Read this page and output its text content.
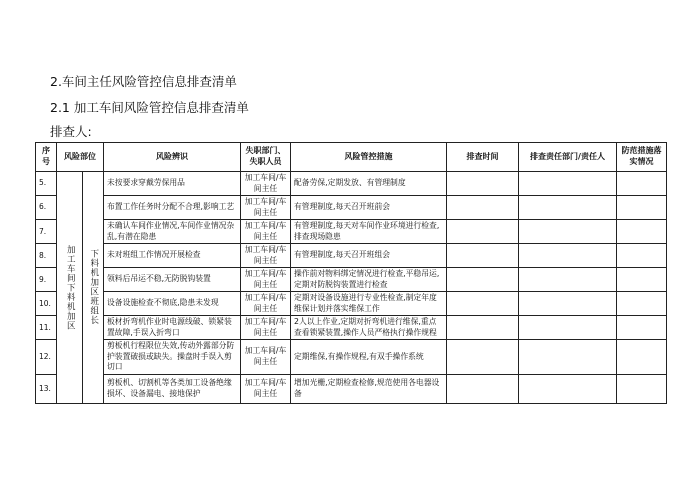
2.车间主任风险管控信息排查清单
2.1 加工车间风险管控信息排查清单
排查人:
序号	风险部位		风险辨识	失职部门、失职人员	风险管控措施	排查时间	排查责任部门/责任人	防范措施落实情况
5.	加工车间下料机加区	下料机加区班组长	未按要求穿戴劳保用品	加工车间/车间主任	配备劳保,定期发放、有管理制度			
6.			布置工作任务时分配不合理,影响工艺	加工车间/车间主任	有管理制度,每天召开班前会			
7.			未确认车间作业情况,车间作业情况杂乱,有潜在隐患	加工车间/车间主任	有管理制度,每天对车间作业环境进行检查,排查现场隐患			
8.			未对班组工作情况开展检查	加工车间/车间主任	有管理制度,每天召开班组会			
9.			领料后吊运不稳,无防脱钩装置	加工车间/车间主任	操作前对物料绑定情况进行检查,平稳吊运,定期对防脱钩装置进行检查			
10.			设备设施检查不彻底,隐患未发现	加工车间/车间主任	定期对设备设施进行专业性检查,制定年度维保计划并落实维保工作			
11.			板材折弯机作业时电源线破、锁紧装置故障,手误入折弯口	加工车间/车间主任	2人以上作业,定期对折弯机进行维保,重点查看锁紧装置,操作人员严格执行操作规程			
12.			剪板机行程限位失效,传动外露部分防护装置破损或缺失。操盘时手误入剪切口	加工车间/车间主任	定期维保,有操作规程,有双手操作系统			
13.			剪板机、切割机等各类加工设备绝缘损坏、设备漏电、接地保护	加工车间/车间主任	增加光栅,定期检查检修,规范使用各电器设备			
